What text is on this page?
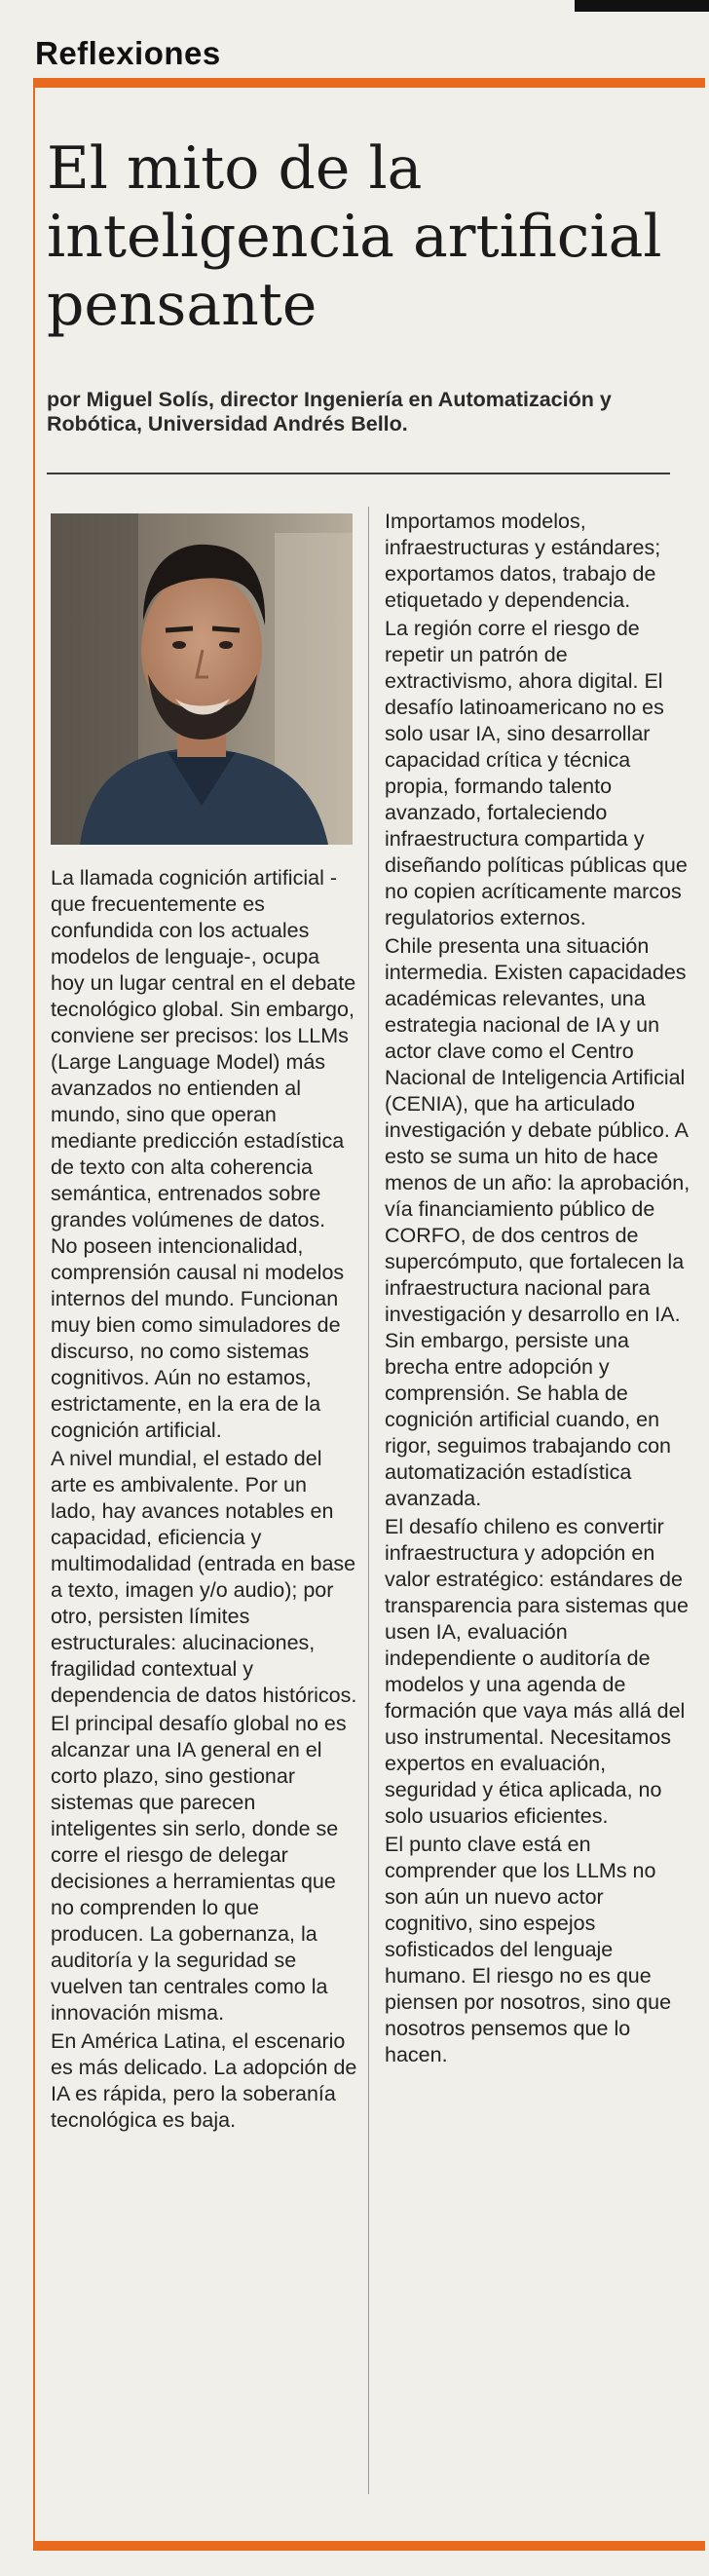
Reflexiones
El mito de la inteligencia artificial pensante
por Miguel Solís, director Ingeniería en Automatización y Robótica, Universidad Andrés Bello.

La llamada cognición artificial -que frecuentemente es confundida con los actuales modelos de lenguaje-, ocupa hoy un lugar central en el debate tecnológico global. Sin embargo, conviene ser precisos: los LLMs (Large Language Model) más avanzados no entienden al mundo, sino que operan mediante predicción estadística de texto con alta coherencia semántica, entrenados sobre grandes volúmenes de datos. No poseen intencionalidad, comprensión causal ni modelos internos del mundo. Funcionan muy bien como simuladores de discurso, no como sistemas cognitivos. Aún no estamos, estrictamente, en la era de la cognición artificial.

A nivel mundial, el estado del arte es ambivalente. Por un lado, hay avances notables en capacidad, eficiencia y multimodalidad (entrada en base a texto, imagen y/o audio); por otro, persisten límites estructurales: alucinaciones, fragilidad contextual y dependencia de datos históricos.

El principal desafío global no es alcanzar una IA general en el corto plazo, sino gestionar sistemas que parecen inteligentes sin serlo, donde se corre el riesgo de delegar decisiones a herramientas que no comprenden lo que producen. La gobernanza, la auditoría y la seguridad se vuelven tan centrales como la innovación misma.

En América Latina, el escenario es más delicado. La adopción de IA es rápida, pero la soberanía tecnológica es baja.

Importamos modelos, infraestructuras y estándares; exportamos datos, trabajo de etiquetado y dependencia.

La región corre el riesgo de repetir un patrón de extractivismo, ahora digital. El desafío latinoamericano no es solo usar IA, sino desarrollar capacidad crítica y técnica propia, formando talento avanzado, fortaleciendo infraestructura compartida y diseñando políticas públicas que no copien acríticamente marcos regulatorios externos.

Chile presenta una situación intermedia. Existen capacidades académicas relevantes, una estrategia nacional de IA y un actor clave como el Centro Nacional de Inteligencia Artificial (CENIA), que ha articulado investigación y debate público. A esto se suma un hito de hace menos de un año: la aprobación, vía financiamiento público de CORFO, de dos centros de supercómputo, que fortalecen la infraestructura nacional para investigación y desarrollo en IA. Sin embargo, persiste una brecha entre adopción y comprensión. Se habla de cognición artificial cuando, en rigor, seguimos trabajando con automatización estadística avanzada.

El desafío chileno es convertir infraestructura y adopción en valor estratégico: estándares de transparencia para sistemas que usen IA, evaluación independiente o auditoría de modelos y una agenda de formación que vaya más allá del uso instrumental. Necesitamos expertos en evaluación, seguridad y ética aplicada, no solo usuarios eficientes.

El punto clave está en comprender que los LLMs no son aún un nuevo actor cognitivo, sino espejos sofisticados del lenguaje humano. El riesgo no es que piensen por nosotros, sino que nosotros pensemos que lo hacen.
